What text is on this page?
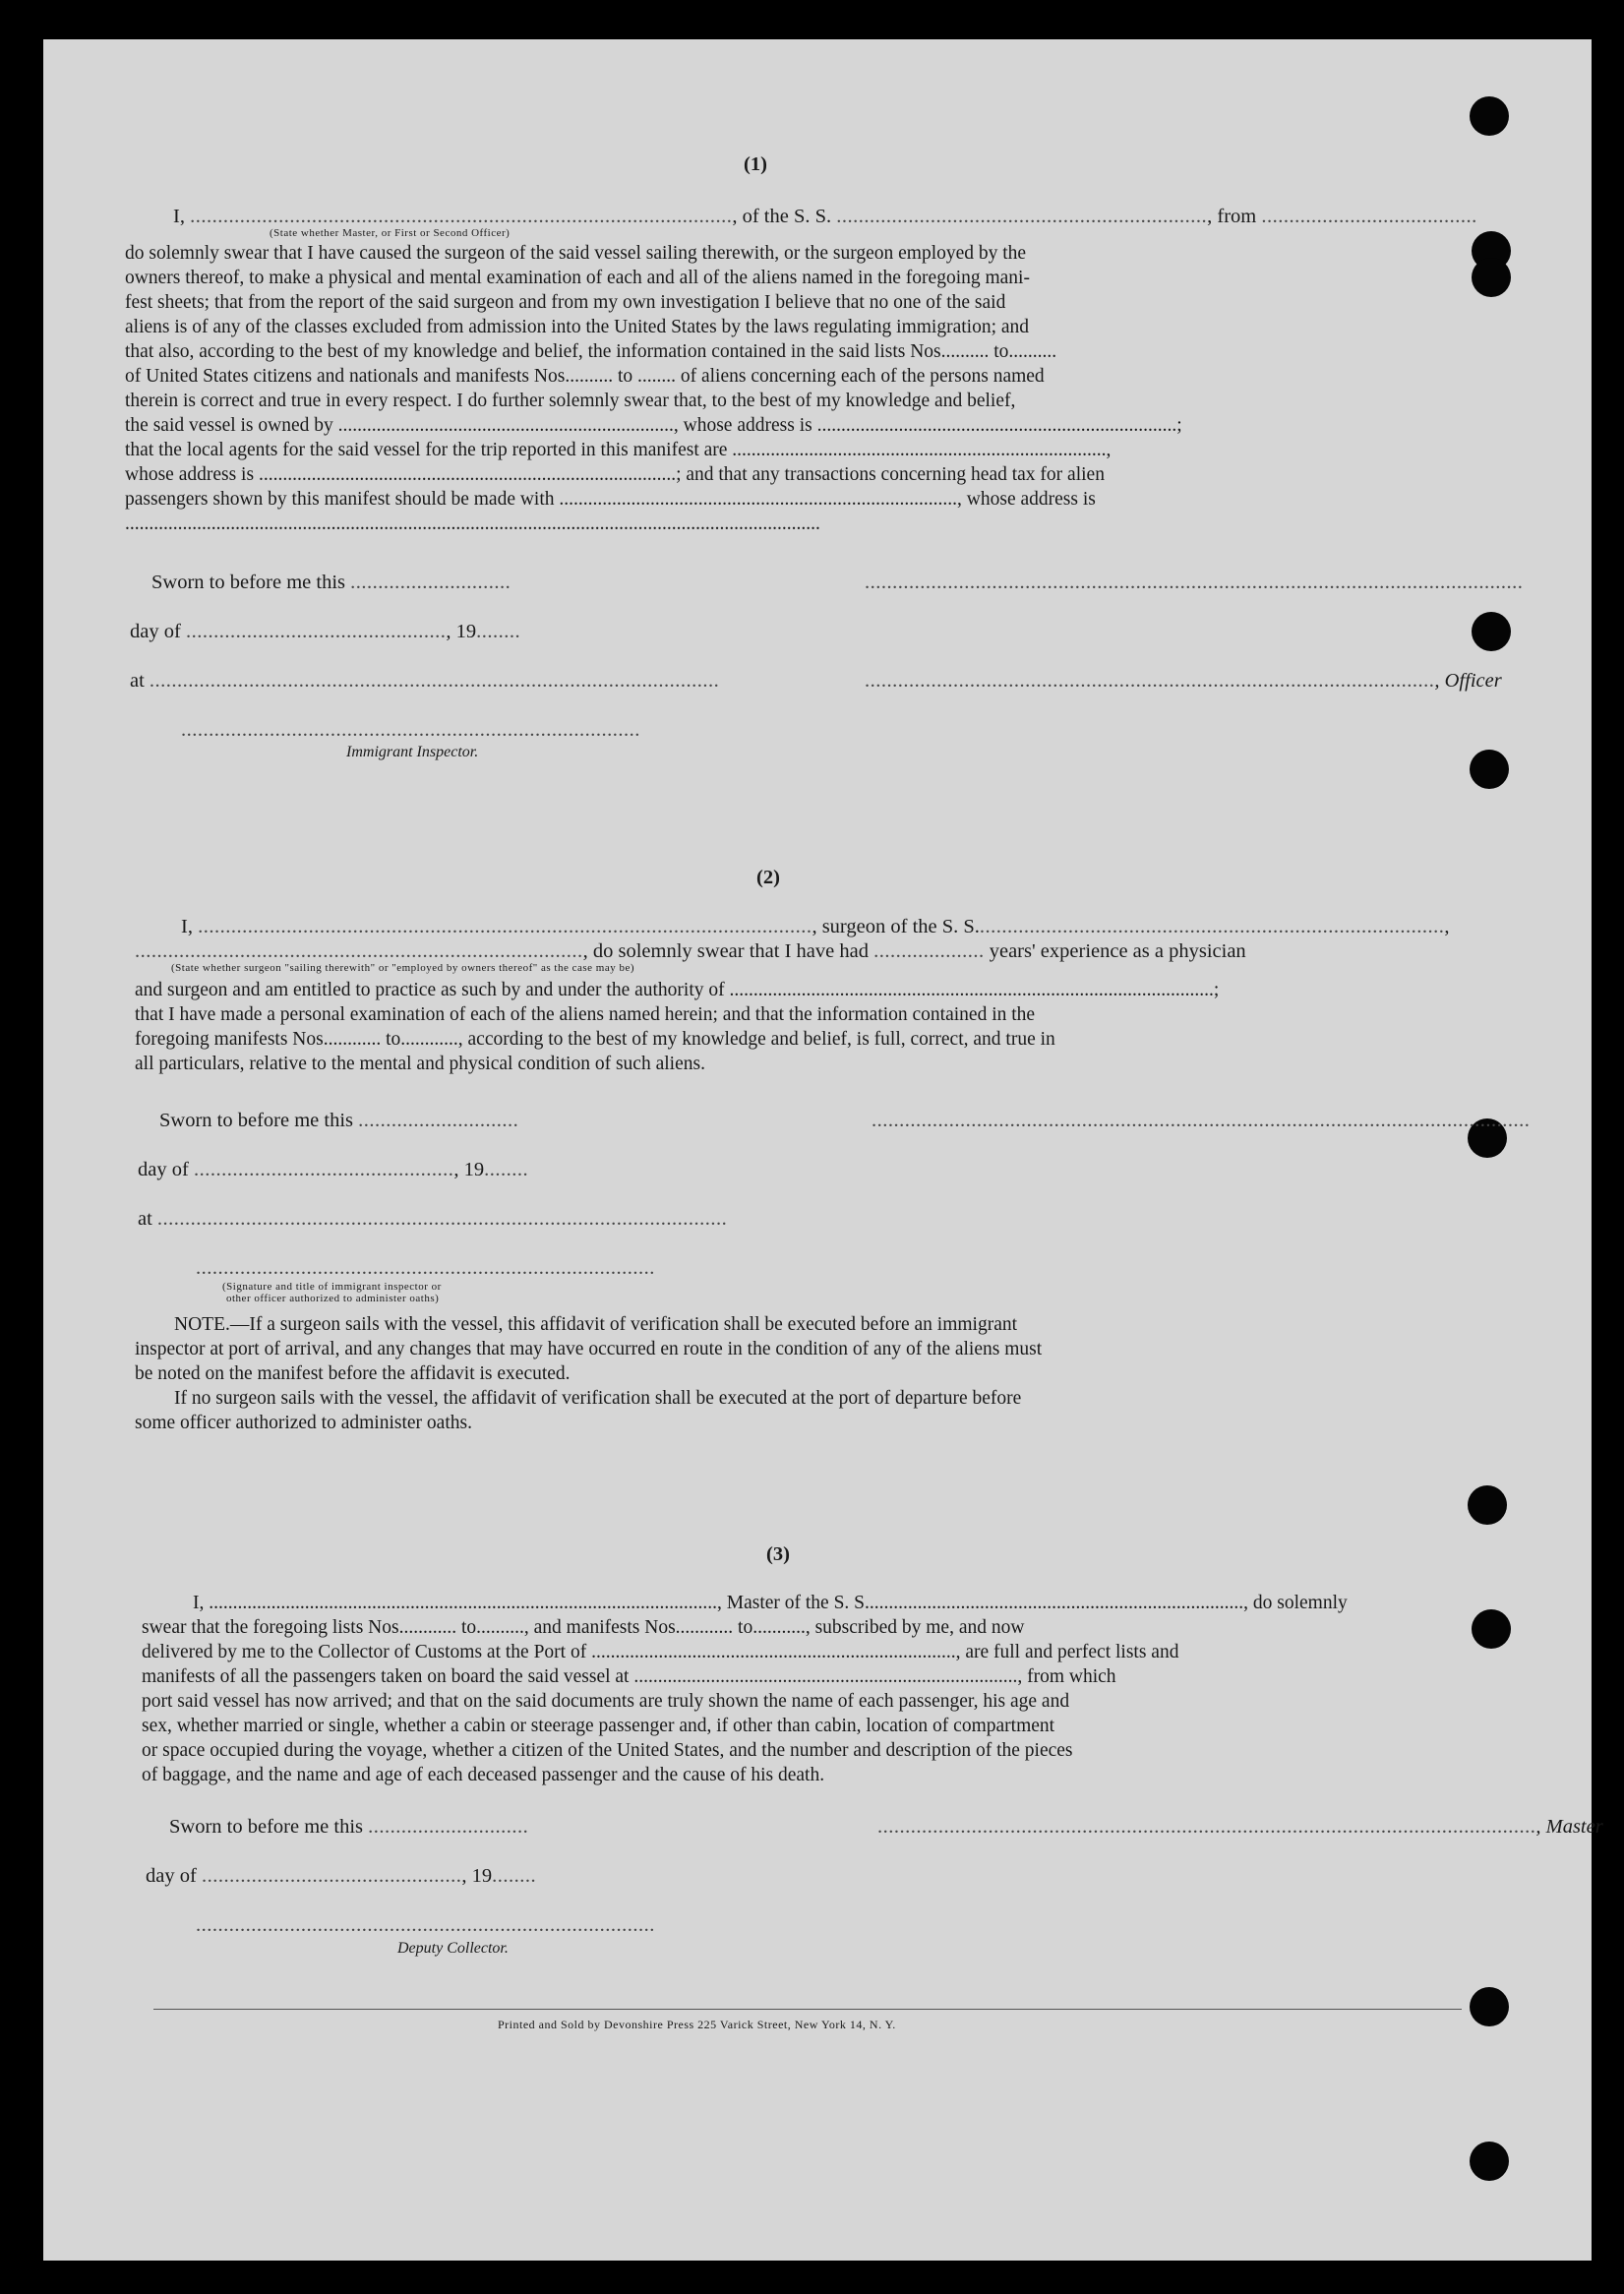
(1)
I, .................................................................................................., of the S. S. ..................................................................., from .......................................
(State whether Master, or First or Second Officer)
do solemnly swear that I have caused the surgeon of the said vessel sailing therewith, or the surgeon employed by the
owners thereof, to make a physical and mental examination of each and all of the aliens named in the foregoing mani-
fest sheets; that from the report of the said surgeon and from my own investigation I believe that no one of the said
aliens is of any of the classes excluded from admission into the United States by the laws regulating immigration; and
that also, according to the best of my knowledge and belief, the information contained in the said lists Nos.......... to..........
of United States citizens and nationals and manifests Nos.......... to ........ of aliens concerning each of the persons named
therein is correct and true in every respect. I do further solemnly swear that, to the best of my knowledge and belief,
the said vessel is owned by ......................................................................, whose address is ...........................................................................;
that the local agents for the said vessel for the trip reported in this manifest are ..............................................................................,
whose address is .......................................................................................; and that any transactions concerning head tax for alien
passengers shown by this manifest should be made with ..................................................................................., whose address is
.................................................................................................................................................
Sworn to before me this .............................	.......................................................................................................................
day of ..............................................., 19........
at .......................................................................................................	......................................................................................................., Officer
...................................................................................
Immigrant Inspector.
(2)
I, ..............................................................................................................., surgeon of the S. S.....................................................................................,
................................................................................., do solemnly swear that I have had .................... years' experience as a physician
(State whether surgeon "sailing therewith" or "employed by owners thereof" as the case may be)
and surgeon and am entitled to practice as such by and under the authority of .....................................................................................................;
that I have made a personal examination of each of the aliens named herein; and that the information contained in the
foregoing manifests Nos............ to............, according to the best of my knowledge and belief, is full, correct, and true in
all particulars, relative to the mental and physical condition of such aliens.
Sworn to before me this .............................	.......................................................................................................................
day of ..............................................., 19........
at .......................................................................................................
...................................................................................
(Signature and title of immigrant inspector or
other officer authorized to administer oaths)
NOTE.—If a surgeon sails with the vessel, this affidavit of verification shall be executed before an immigrant
inspector at port of arrival, and any changes that may have occurred en route in the condition of any of the aliens must
be noted on the manifest before the affidavit is executed.
If no surgeon sails with the vessel, the affidavit of verification shall be executed at the port of departure before
some officer authorized to administer oaths.
(3)
I, .........................................................................................................., Master of the S. S..............................................................................., do solemnly
swear that the foregoing lists Nos............ to.........., and manifests Nos............ to..........., subscribed by me, and now
delivered by me to the Collector of Customs at the Port of ............................................................................, are full and perfect lists and
manifests of all the passengers taken on board the said vessel at ................................................................................, from which
port said vessel has now arrived; and that on the said documents are truly shown the name of each passenger, his age and
sex, whether married or single, whether a cabin or steerage passenger and, if other than cabin, location of compartment
or space occupied during the voyage, whether a citizen of the United States, and the number and description of the pieces
of baggage, and the name and age of each deceased passenger and the cause of his death.
Sworn to before me this .............................	......................................................................................................................., Master
day of ..............................................., 19........
...................................................................................
Deputy Collector.
Printed and Sold by Devonshire Press 225 Varick Street, New York 14, N. Y.
